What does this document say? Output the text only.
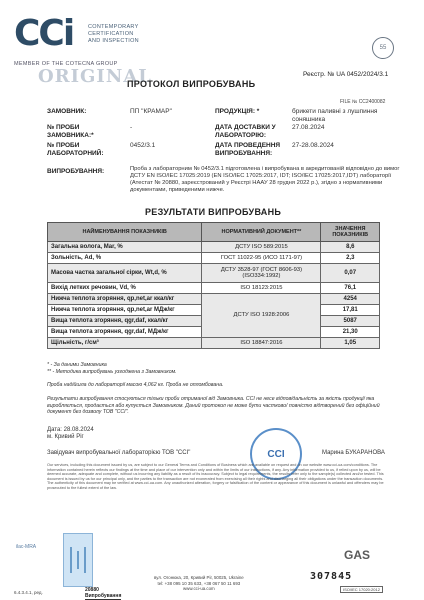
CCi	CONTEMPORARY
CERTIFICATION
AND INSPECTION
MEMBER OF THE COTECNA GROUP
ORIGINAL
55
ПРОТОКОЛ ВИПРОБУВАНЬ
Реєстр. № UA 0452/2024/3.1
FILE № CC2400082
ЗАМОВНИК:	ПП "КРАМАР"	ПРОДУКЦІЯ: *	брикети паливні з лушпиння соняшника
№ ПРОБИ ЗАМОВНИКА:*
-	ДАТА ДОСТАВКИ У ЛАБОРАТОРІЮ:
27.08.2024
№ ПРОБИ ЛАБОРАТОРНИЙ:
0452/3.1	ДАТА ПРОВЕДЕННЯ ВИПРОБУВАННЯ:
27-28.08.2024
ВИПРОБУВАННЯ:	Проба з лабораторним № 0452/3.1 підготовлена і випробувана в акредитованій відповідно до вимог ДСТУ EN ISO/IEC 17025:2019 (EN ISO/IEC 17025:2017, IDT; ISO/IEC 17025:2017,IDT) лабораторії (Атестат № 20880, зареєстрований у Реєстрі НААУ 28 грудня 2022 р.), згідно з нормативними документами, приведеними нижче.
РЕЗУЛЬТАТИ ВИПРОБУВАНЬ
НАЙМЕНУВАННЯ ПОКАЗНИКІВ	НОРМАТИВНИЙ ДОКУМЕНТ**	ЗНАЧЕННЯ ПОКАЗНИКІВ
Загальна волога, Mar, %	ДСТУ ISO 589:2015	8,6
Зольність, Ad, %	ГОСТ 11022-95 (ИСО 1171-97)	2,3
Масова частка загальної сірки, Wt,d, %	ДСТУ 3528-97 (ГОСТ 8606-93) (ISO334:1992)	0,07
Вихід летких речовин, Vd, %	ISO 18123:2015	76,1
Нижча теплота згоряння, qp,net,ar ккал/кг	ДСТУ ISO 1928:2006	4254
Нижча теплота згоряння, qp,net,ar МДж/кг		17,81
Вища теплота згоряння, qgr,daf, ккал/кг		5087
Вища теплота згоряння, qgr,daf, МДж/кг		21,30
Щільність, г/см³	ISO 18847:2016	1,05
* - За даними Замовника
** - Методика випробувань узгоджена з Замовником.
Проба надійшла до лабораторії масою 4,062 кг. Проба не опломбована.
Результати випробування стосуються тільки проби отриманої від Замовника. CCI не несе відповідальність за якість продукції яка виробляється, продається або купується Замовником. Даний протокол не може бути частково/ повністю відтворений без офіційний документ без дозволу ТОВ "ССІ".
Дата: 28.08.2024
м. Кривий Ріг
Завідувач випробувальної лабораторією ТОВ "ССІ"	Марина БУКАРАНОВА
CCI
Our services, including this document issued by us, are subject to our General Terms and Conditions of Business which are available on request and on our website www.cci-ua.com/conditions. The information contained herein reflects our findings at the time and place of our intervention only and within the limits of our instructions, if any. Any information provided to us, if relied upon by us, will be deemed accurate, adequate and complete, without us incurring any liability as a result of its inaccuracy. Subject to legal requirements, the results refer only to the sample(s) collected and/or tested. This document is issued by us for our principal only, and the parties to the transaction are not exonerated from exercising all their rights and discharging all their obligations under the transaction documents. The authenticity of this document may be verified at www.cci-ua.com. Any unauthorized alteration, forgery or falsification of the content or appearance of this document is unlawful and offenders may be prosecuted to the fullest extent of the law.
ilac-MRA
6.4.3.4.1, ред.	20880
Випробування
вул. Огонюка, 20, Кривий Ріг, 50025, Ukraine
tel: +38 095 10 35 633, +38 067 50 11 693
www.cci-ua.com
307845
GAS
ISO/IEC 17020:2012
